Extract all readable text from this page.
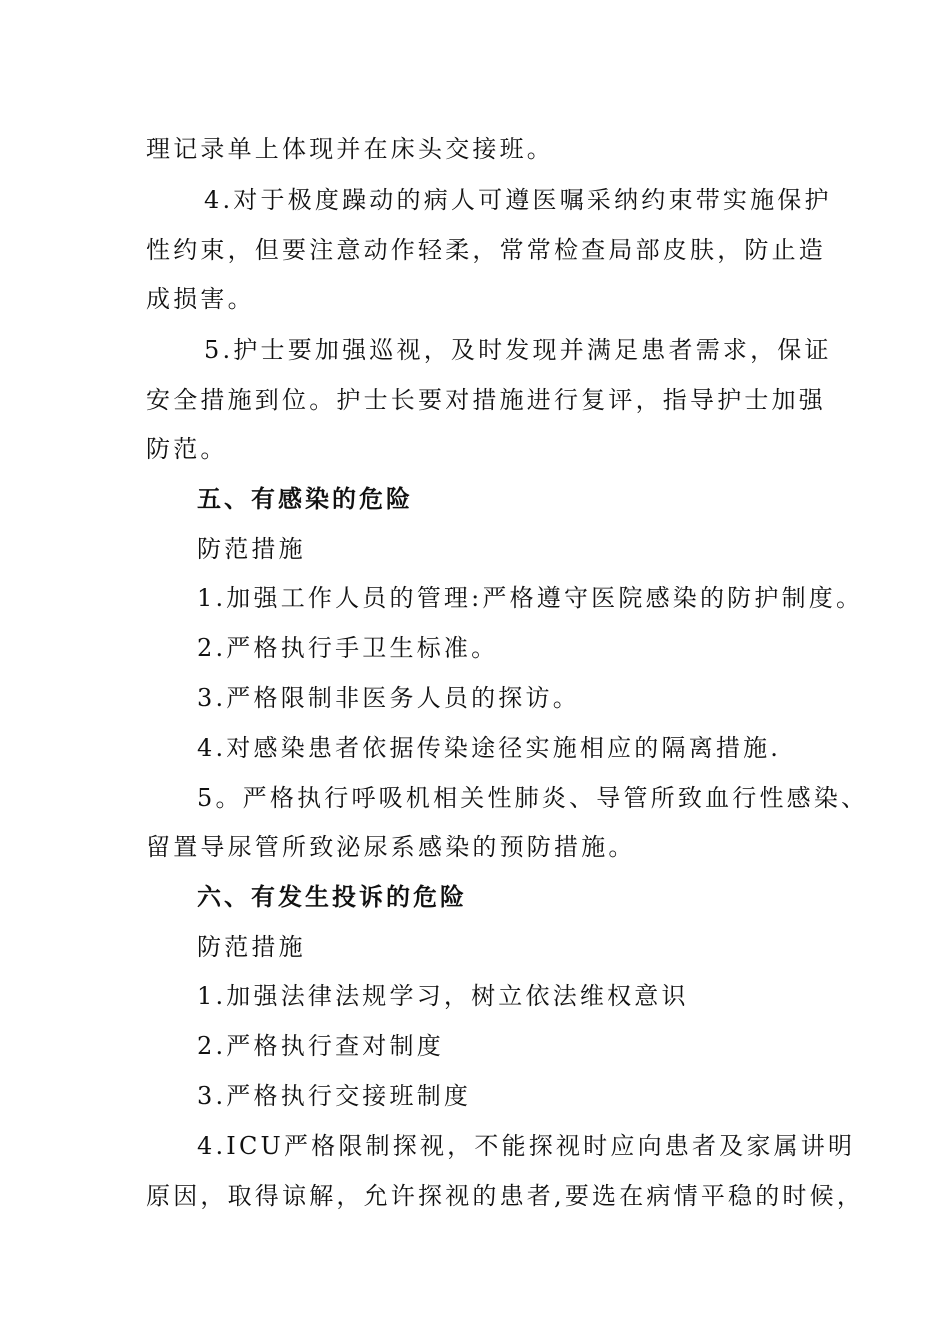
理记录单上体现并在床头交接班。
4.对于极度躁动的病人可遵医嘱采纳约束带实施保护
性约束，但要注意动作轻柔，常常检查局部皮肤，防止造
成损害。
5.护士要加强巡视，及时发现并满足患者需求，保证
安全措施到位。护士长要对措施进行复评，指导护士加强
防范。
五、有感染的危险
防范措施
1.加强工作人员的管理:严格遵守医院感染的防护制度。
2.严格执行手卫生标准。
3.严格限制非医务人员的探访。
4.对感染患者依据传染途径实施相应的隔离措施.
5。严格执行呼吸机相关性肺炎、导管所致血行性感染、
留置导尿管所致泌尿系感染的预防措施。
六、有发生投诉的危险
防范措施
1.加强法律法规学习，树立依法维权意识
2.严格执行查对制度
3.严格执行交接班制度
4.ICU严格限制探视，不能探视时应向患者及家属讲明
原因，取得谅解，允许探视的患者,要选在病情平稳的时候，
